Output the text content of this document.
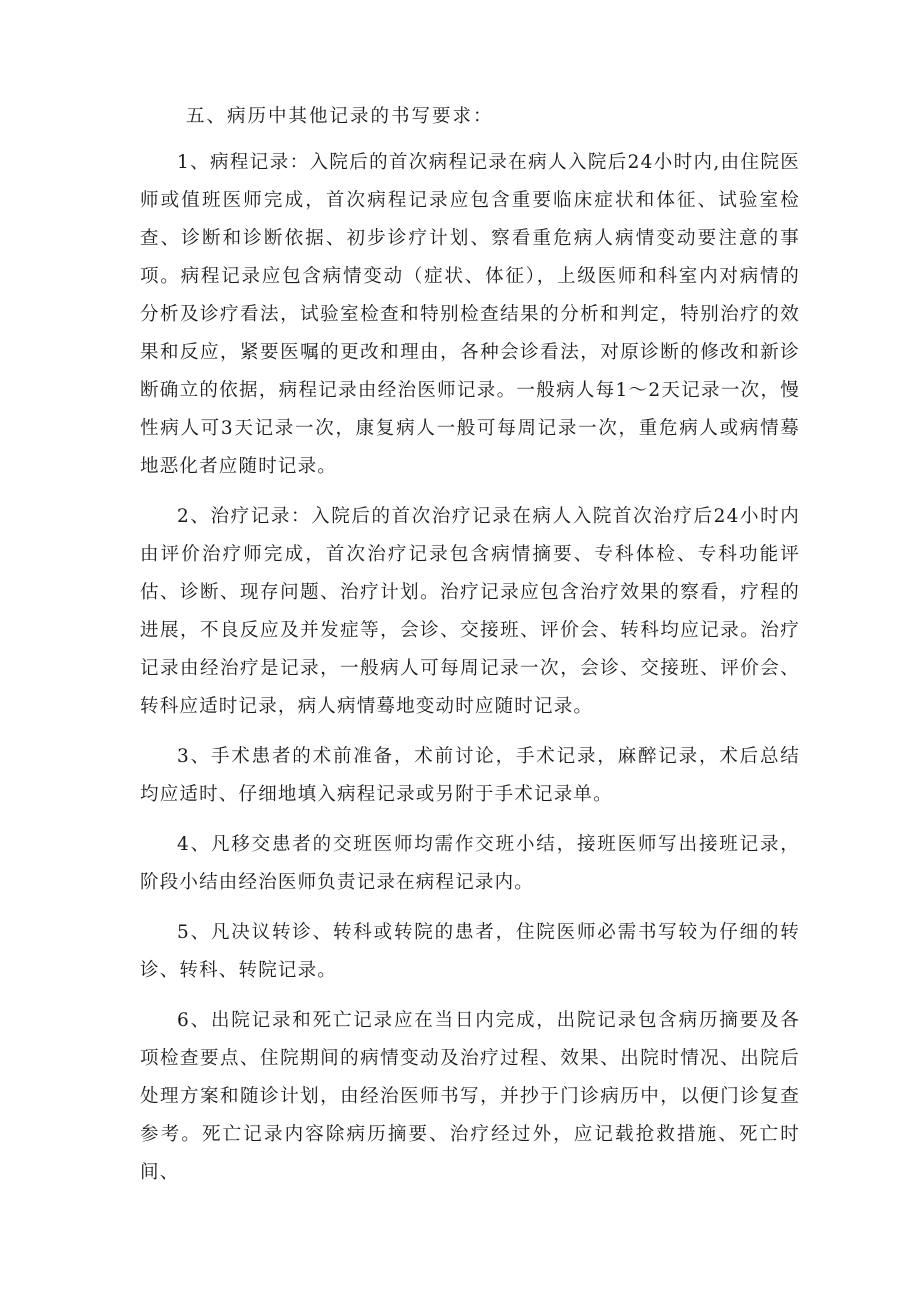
五、病历中其他记录的书写要求：

1、病程记录：入院后的首次病程记录在病人入院后24小时内,由住院医师或值班医师完成，首次病程记录应包含重要临床症状和体征、试验室检查、诊断和诊断依据、初步诊疗计划、察看重危病人病情变动要注意的事项。病程记录应包含病情变动（症状、体征），上级医师和科室内对病情的分析及诊疗看法，试验室检查和特别检查结果的分析和判定，特别治疗的效果和反应，紧要医嘱的更改和理由，各种会诊看法，对原诊断的修改和新诊断确立的依据，病程记录由经治医师记录。一般病人每1～2天记录一次，慢性病人可3天记录一次，康复病人一般可每周记录一次，重危病人或病情蓦地恶化者应随时记录。

2、治疗记录：入院后的首次治疗记录在病人入院首次治疗后24小时内由评价治疗师完成，首次治疗记录包含病情摘要、专科体检、专科功能评估、诊断、现存问题、治疗计划。治疗记录应包含治疗效果的察看，疗程的进展，不良反应及并发症等，会诊、交接班、评价会、转科均应记录。治疗记录由经治疗是记录，一般病人可每周记录一次，会诊、交接班、评价会、转科应适时记录，病人病情蓦地变动时应随时记录。

3、手术患者的术前准备，术前讨论，手术记录，麻醉记录，术后总结均应适时、仔细地填入病程记录或另附于手术记录单。

4、凡移交患者的交班医师均需作交班小结，接班医师写出接班记录，阶段小结由经治医师负责记录在病程记录内。

5、凡决议转诊、转科或转院的患者，住院医师必需书写较为仔细的转诊、转科、转院记录。

6、出院记录和死亡记录应在当日内完成，出院记录包含病历摘要及各项检查要点、住院期间的病情变动及治疗过程、效果、出院时情况、出院后处理方案和随诊计划，由经治医师书写，并抄于门诊病历中，以便门诊复查参考。死亡记录内容除病历摘要、治疗经过外，应记载抢救措施、死亡时间、
